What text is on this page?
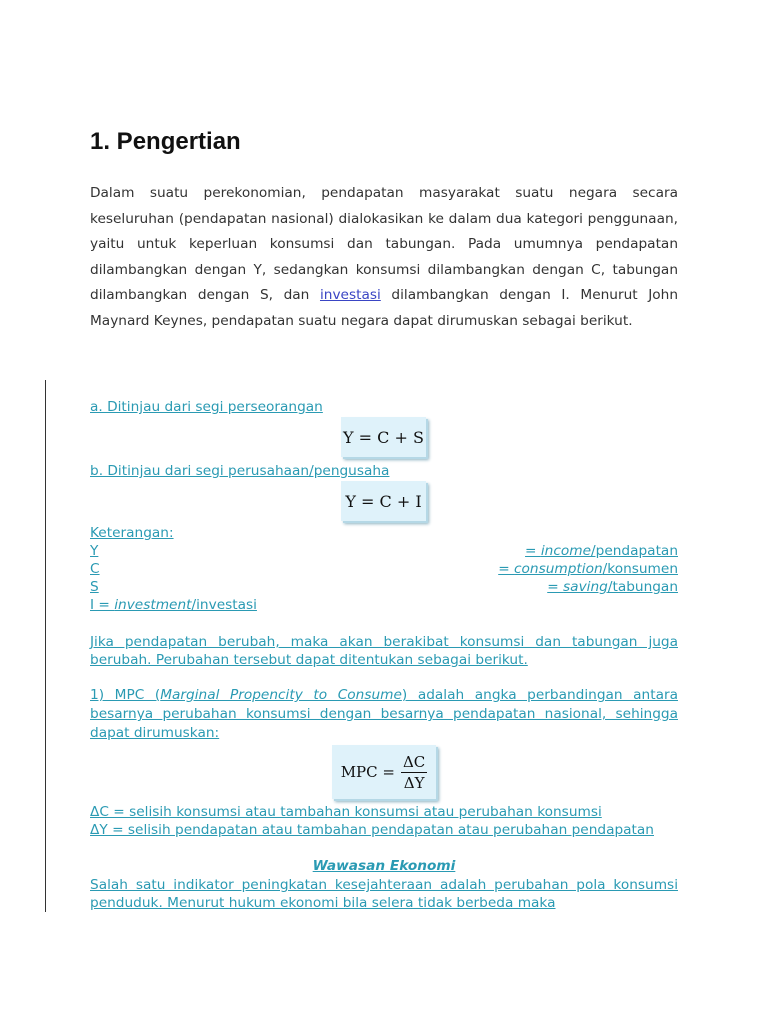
1. Pengertian

Dalam suatu perekonomian, pendapatan masyarakat suatu negara secara keseluruhan (pendapatan nasional) dialokasikan ke dalam dua kategori penggunaan, yaitu untuk keperluan konsumsi dan tabungan. Pada umumnya pendapatan dilambangkan dengan Y, sedangkan konsumsi dilambangkan dengan C, tabungan dilambangkan dengan S, dan investasi dilambangkan dengan I. Menurut John Maynard Keynes, pendapatan suatu negara dapat dirumuskan sebagai berikut.

a. Ditinjau dari segi perseorangan

Y = C + S

b. Ditinjau dari segi perusahaan/pengusaha

Y = C + I

Keterangan:

Y	= income/pendapatan
C	= consumption/konsumen
S	= saving/tabungan

I = investment/investasi

Jika pendapatan berubah, maka akan berakibat konsumsi dan tabungan juga berubah. Perubahan tersebut dapat ditentukan sebagai berikut.

1) MPC (Marginal Propencity to Consume) adalah angka perbandingan antara besarnya perubahan konsumsi dengan besarnya pendapatan nasional, sehingga dapat dirumuskan:

MPC = $\frac{\Delta C}{\Delta Y}$

ΔC = selisih konsumsi atau tambahan konsumsi atau perubahan konsumsi

ΔY = selisih pendapatan atau tambahan pendapatan atau perubahan pendapatan

Wawasan Ekonomi

Salah satu indikator peningkatan kesejahteraan adalah perubahan pola konsumsi penduduk. Menurut hukum ekonomi bila selera tidak berbeda maka
